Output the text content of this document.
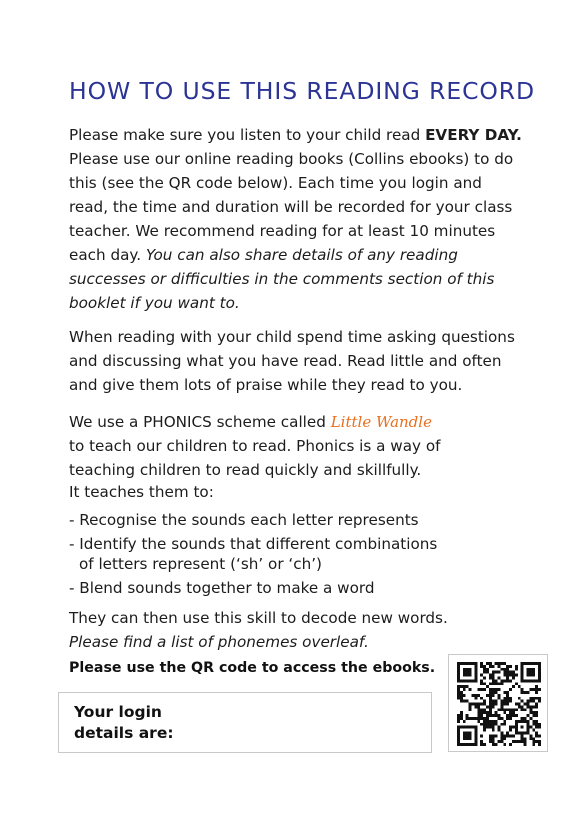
HOW TO USE THIS READING RECORD
Please make sure you listen to your child read EVERY DAY.
Please use our online reading books (Collins ebooks) to do
this (see the QR code below). Each time you login and
read, the time and duration will be recorded for your class
teacher. We recommend reading for at least 10 minutes
each day. You can also share details of any reading
successes or difficulties in the comments section of this
booklet if you want to.
When reading with your child spend time asking questions
and discussing what you have read. Read little and often
and give them lots of praise while they read to you.
We use a PHONICS scheme called Little Wandle
to teach our children to read. Phonics is a way of
teaching children to read quickly and skillfully.
It teaches them to:
- Recognise the sounds each letter represents
- Identify the sounds that different combinations
of letters represent (‘sh’ or ‘ch’)
- Blend sounds together to make a word
They can then use this skill to decode new words.
Please find a list of phonemes overleaf.
Please use the QR code to access the ebooks.
Your login
details are:
